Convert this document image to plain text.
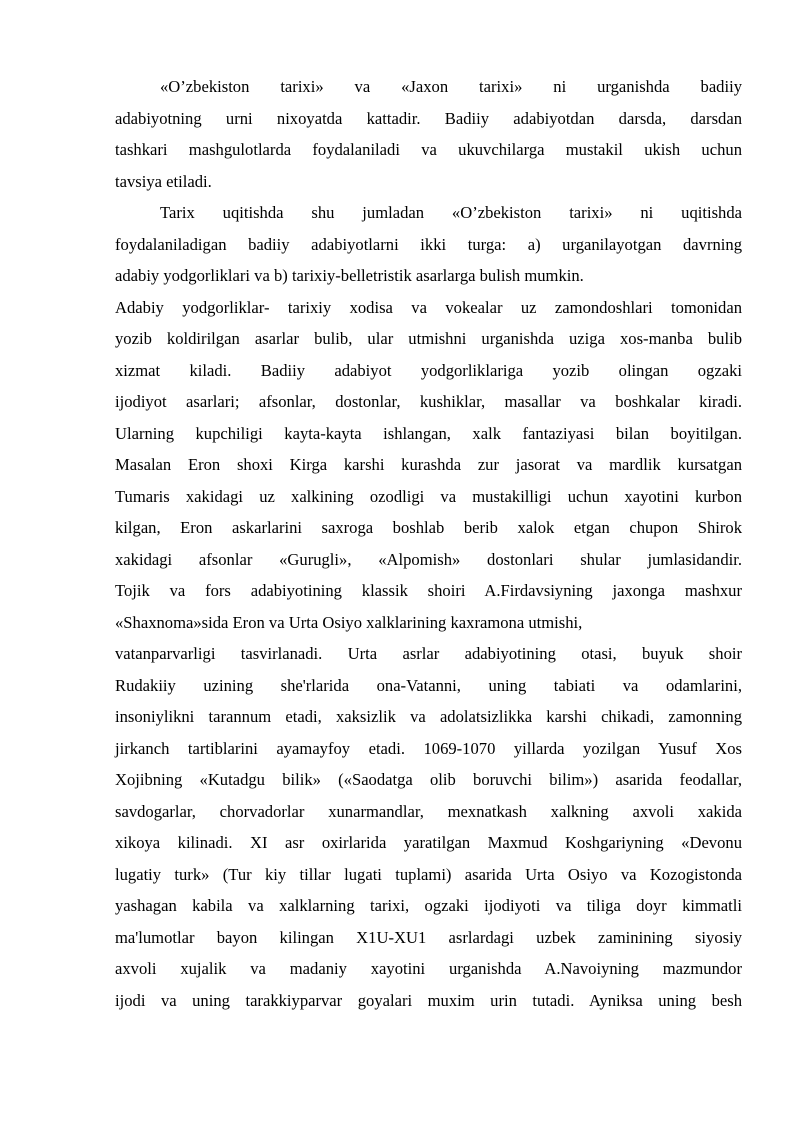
«O’zbekiston tarixi» va «Jaxon tarixi» ni urganishda badiiy
adabiyotning urni nixoyatda kattadir. Badiiy adabiyotdan darsda, darsdan
tashkari mashgulotlarda foydalaniladi va ukuvchilarga mustakil ukish uchun
tavsiya etiladi.
Tarix uqitishda shu jumladan «O’zbekiston tarixi» ni uqitishda
foydalaniladigan badiiy adabiyotlarni ikki turga: a) urganilayotgan davrning
adabiy yodgorliklari va b) tarixiy-belletristik asarlarga bulish mumkin.
Adabiy yodgorliklar- tarixiy xodisa va vokealar uz zamondoshlari tomonidan
yozib koldirilgan asarlar bulib, ular utmishni urganishda uziga xos-manba bulib
xizmat kiladi. Badiiy adabiyot yodgorliklariga yozib olingan ogzaki
ijodiyot asarlari; afsonlar, dostonlar, kushiklar, masallar va boshkalar kiradi.
Ularning kupchiligi kayta-kayta ishlangan, xalk fantaziyasi bilan boyitilgan.
Masalan Eron shoxi Kirga karshi kurashda zur jasorat va mardlik kursatgan
Tumaris xakidagi uz xalkining ozodligi va mustakilligi uchun xayotini kurbon
kilgan, Eron askarlarini saxroga boshlab berib xalok etgan chupon Shirok
xakidagi afsonlar «Gurugli», «Alpomish» dostonlari shular jumlasidandir.
Tojik va fors adabiyotining klassik shoiri A.Firdavsiyning jaxonga mashxur
«Shaxnoma»sida Eron va Urta Osiyo xalklarining kaxramona utmishi,
vatanparvarligi tasvirlanadi. Urta asrlar adabiyotining otasi, buyuk shoir
Rudakiiy uzining she'rlarida ona-Vatanni, uning tabiati va odamlarini,
insoniylikni tarannum etadi, xaksizlik va adolatsizlikka karshi chikadi, zamonning
jirkanch tartiblarini ayamayfoy etadi. 1069-1070 yillarda yozilgan Yusuf Xos
Xojibning «Kutadgu bilik» («Saodatga olib boruvchi bilim») asarida feodallar,
savdogarlar, chorvadorlar xunarmandlar, mexnatkash xalkning axvoli xakida
xikoya kilinadi. XI asr oxirlarida yaratilgan Maxmud Koshgariyning «Devonu
lugatiy turk» (Tur kiy tillar lugati tuplami) asarida Urta Osiyo va Kozogistonda
yashagan kabila va xalklarning tarixi, ogzaki ijodiyoti va tiliga doyr kimmatli
ma'lumotlar bayon kilingan X1U-XU1 asrlardagi uzbek zaminining siyosiy
axvoli xujalik va madaniy xayotini urganishda A.Navoiyning mazmundor
ijodi va uning tarakkiyparvar goyalari muxim urin tutadi. Ayniksa uning besh
